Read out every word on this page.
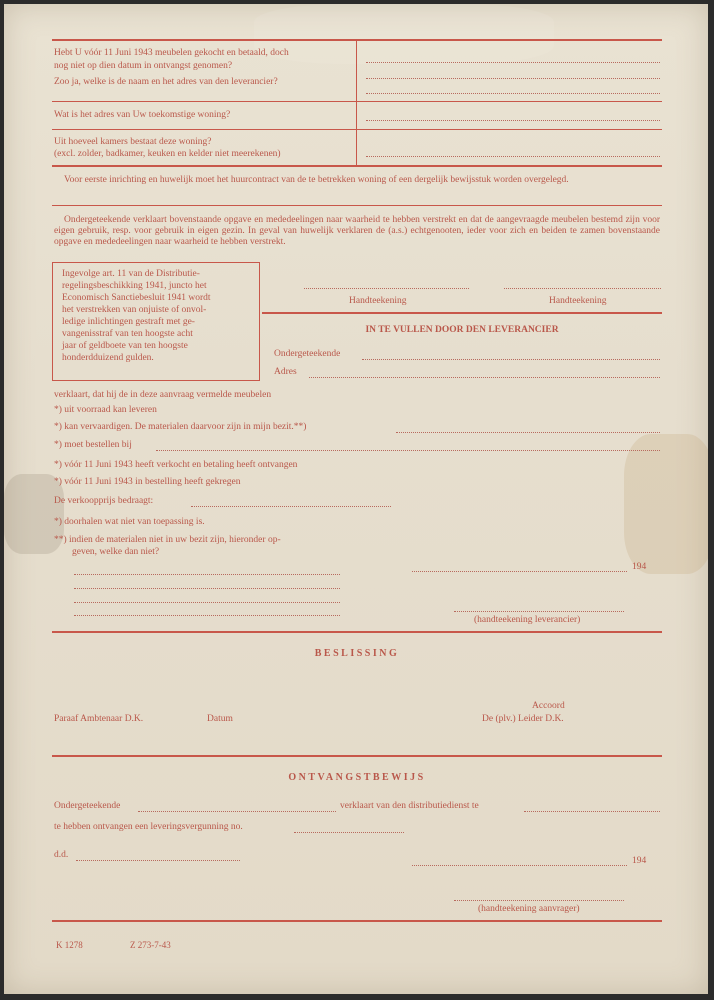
Hebt U vóór 11 Juni 1943 meubelen gekocht en betaald, doch
nog niet op dien datum in ontvangst genomen?
Zoo ja, welke is de naam en het adres van den leverancier?
Wat is het adres van Uw toekomstige woning?
Uit hoeveel kamers bestaat deze woning?
(excl. zolder, badkamer, keuken en kelder niet meerekenen)
Voor eerste inrichting en huwelijk moet het huurcontract van de te betrekken woning of een dergelijk bewijsstuk worden overgelegd.
Ondergeteekende verklaart bovenstaande opgave en mededeelingen naar waarheid te hebben verstrekt en dat de aangevraagde meubelen bestemd zijn voor eigen gebruik, resp. voor gebruik in eigen gezin. In geval van huwelijk verklaren de (a.s.) echtgenooten, ieder voor zich en beiden te zamen bovenstaande opgave en mededeelingen naar waarheid te hebben verstrekt.
Ingevolge art. 11 van de Distributie-
regelingsbeschikking 1941, juncto het
Economisch Sanctiebesluit 1941 wordt
het verstrekken van onjuiste of onvol-
ledige inlichtingen gestraft met ge-
vangenisstraf van ten hoogste acht
jaar of geldboete van ten hoogste
honderdduizend gulden.
Handteekening	Handteekening
IN TE VULLEN DOOR DEN LEVERANCIER
Ondergeteekende
Adres
verklaart, dat hij de in deze aanvraag vermelde meubelen
*) uit voorraad kan leveren
*) kan vervaardigen. De materialen daarvoor zijn in mijn bezit.**)
*) moet bestellen bij
*) vóór 11 Juni 1943 heeft verkocht en betaling heeft ontvangen
*) vóór 11 Juni 1943 in bestelling heeft gekregen
De verkoopprijs bedraagt:
*) doorhalen wat niet van toepassing is.
**) indien de materialen niet in uw bezit zijn, hieronder op-
geven, welke dan niet?
194
(handteekening leverancier)
BESLISSING
Paraaf Ambtenaar D.K.	Datum
Accoord
De (plv.) Leider D.K.
ONTVANGSTBEWIJS
Ondergeteekende	verklaart van den distributiedienst te
te hebben ontvangen een leveringsvergunning no.
d.d.
194
(handteekening aanvrager)
K 1278	Z 273-7-43
